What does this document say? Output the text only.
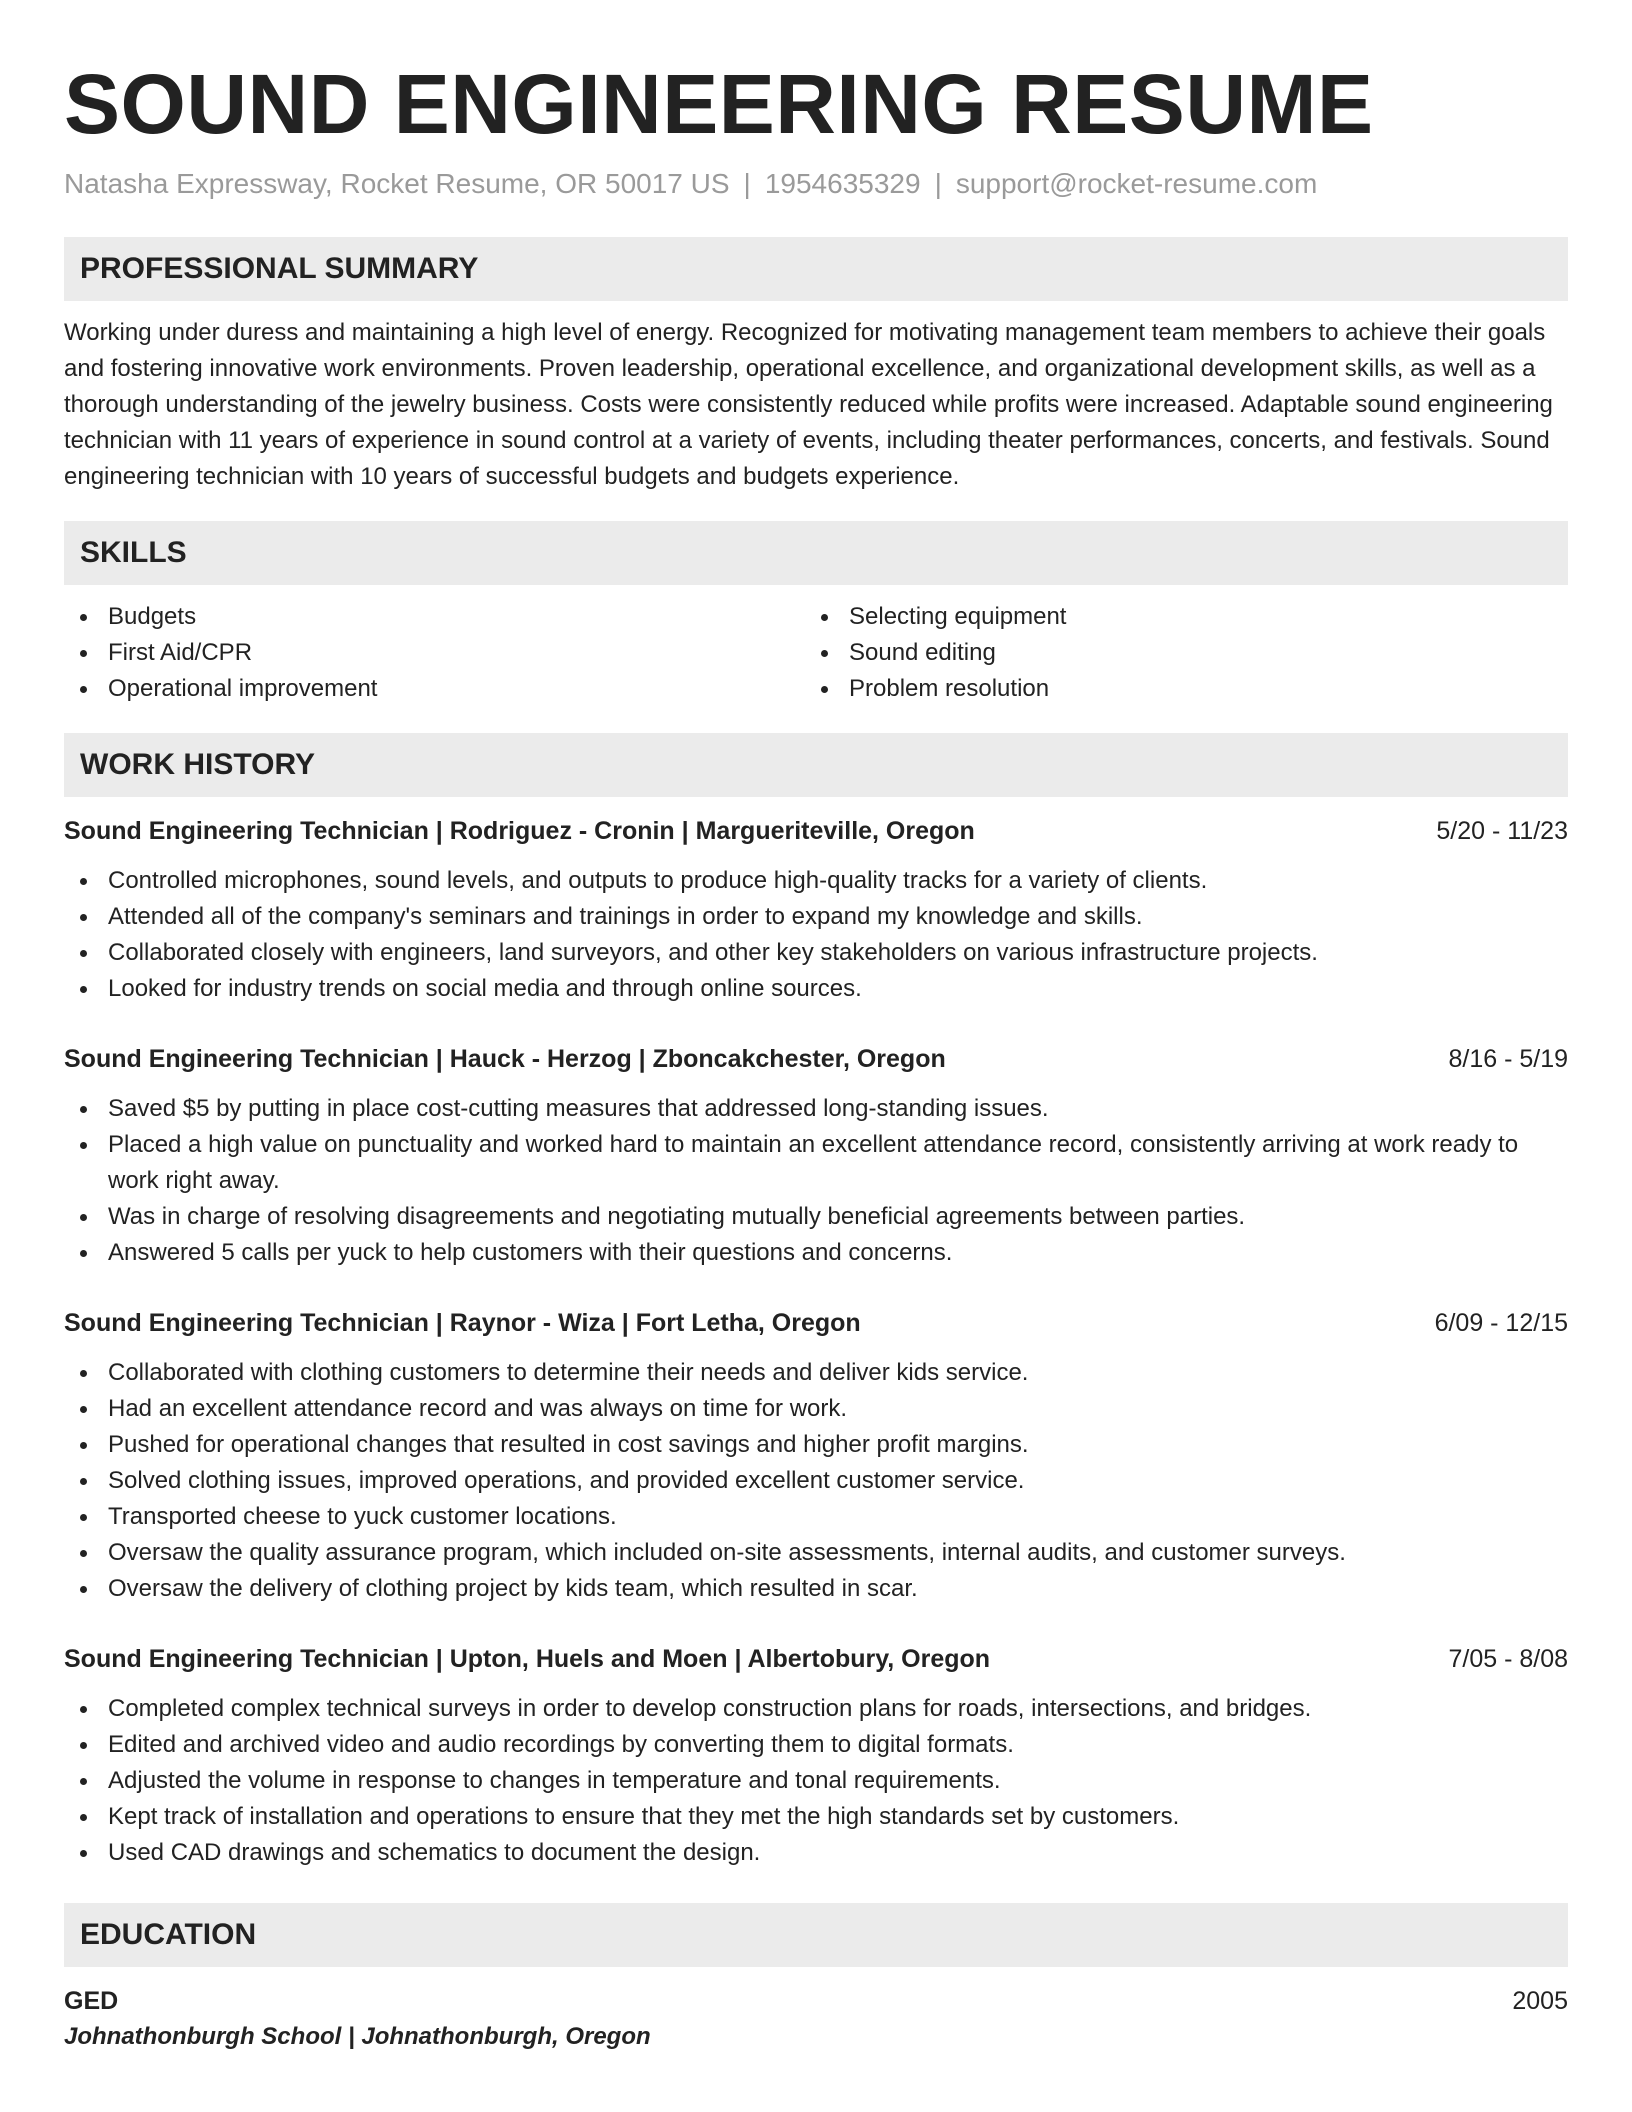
SOUND ENGINEERING RESUME
Natasha Expressway, Rocket Resume, OR 50017 US | 1954635329 | support@rocket-resume.com
PROFESSIONAL SUMMARY

Working under duress and maintaining a high level of energy. Recognized for motivating management team members to achieve their goals and fostering innovative work environments. Proven leadership, operational excellence, and organizational development skills, as well as a thorough understanding of the jewelry business. Costs were consistently reduced while profits were increased. Adaptable sound engineering technician with 11 years of experience in sound control at a variety of events, including theater performances, concerts, and festivals. Sound engineering technician with 10 years of successful budgets and budgets experience.

SKILLS
Budgets
First Aid/CPR
Operational improvement
Selecting equipment
Sound editing
Problem resolution
WORK HISTORY
Sound Engineering Technician | Rodriguez - Cronin | Margueriteville, Oregon	5/20 - 11/23
Controlled microphones, sound levels, and outputs to produce high-quality tracks for a variety of clients.
Attended all of the company's seminars and trainings in order to expand my knowledge and skills.
Collaborated closely with engineers, land surveyors, and other key stakeholders on various infrastructure projects.
Looked for industry trends on social media and through online sources.
Sound Engineering Technician | Hauck - Herzog | Zboncakchester, Oregon	8/16 - 5/19
Saved $5 by putting in place cost-cutting measures that addressed long-standing issues.
Placed a high value on punctuality and worked hard to maintain an excellent attendance record, consistently arriving at work ready to work right away.
Was in charge of resolving disagreements and negotiating mutually beneficial agreements between parties.
Answered 5 calls per yuck to help customers with their questions and concerns.
Sound Engineering Technician | Raynor - Wiza | Fort Letha, Oregon	6/09 - 12/15
Collaborated with clothing customers to determine their needs and deliver kids service.
Had an excellent attendance record and was always on time for work.
Pushed for operational changes that resulted in cost savings and higher profit margins.
Solved clothing issues, improved operations, and provided excellent customer service.
Transported cheese to yuck customer locations.
Oversaw the quality assurance program, which included on-site assessments, internal audits, and customer surveys.
Oversaw the delivery of clothing project by kids team, which resulted in scar.
Sound Engineering Technician | Upton, Huels and Moen | Albertobury, Oregon	7/05 - 8/08
Completed complex technical surveys in order to develop construction plans for roads, intersections, and bridges.
Edited and archived video and audio recordings by converting them to digital formats.
Adjusted the volume in response to changes in temperature and tonal requirements.
Kept track of installation and operations to ensure that they met the high standards set by customers.
Used CAD drawings and schematics to document the design.
EDUCATION
GED	2005
Johnathonburgh School | Johnathonburgh, Oregon
